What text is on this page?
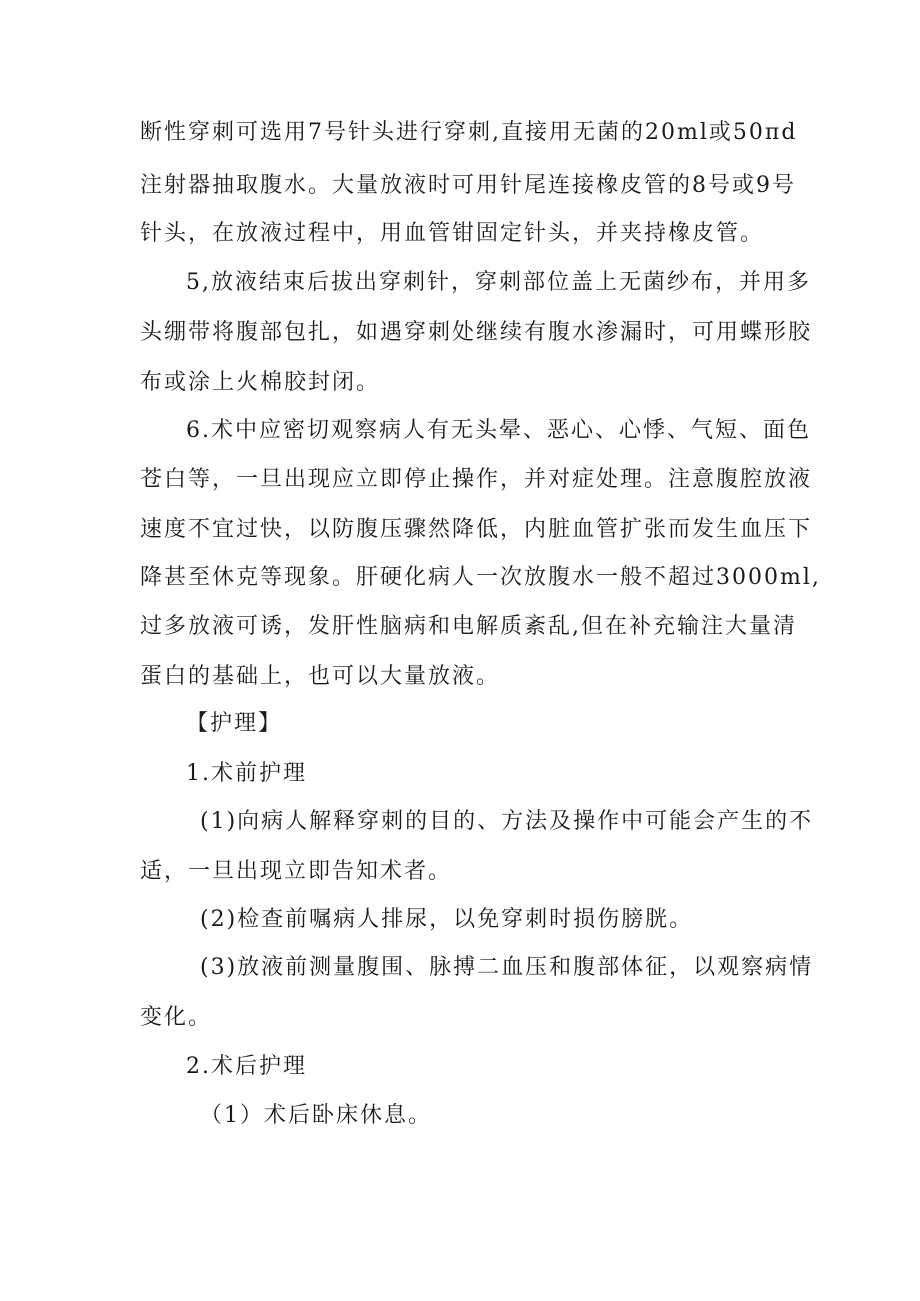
断性穿刺可选用7号针头进行穿刺,直接用无菌的20ml或50πd
注射器抽取腹水。大量放液时可用针尾连接橡皮管的8号或9号
针头，在放液过程中，用血管钳固定针头，并夹持橡皮管。
5,放液结束后拔出穿刺针，穿刺部位盖上无菌纱布，并用多
头绷带将腹部包扎，如遇穿刺处继续有腹水渗漏时，可用蝶形胶
布或涂上火棉胶封闭。
6.术中应密切观察病人有无头晕、恶心、心悸、气短、面色
苍白等，一旦出现应立即停止操作，并对症处理。注意腹腔放液
速度不宜过快，以防腹压骤然降低，内脏血管扩张而发生血压下
降甚至休克等现象。肝硬化病人一次放腹水一般不超过3000ml,
过多放液可诱，发肝性脑病和电解质紊乱,但在补充输注大量清
蛋白的基础上，也可以大量放液。
【护理】
1.术前护理
(1)向病人解释穿刺的目的、方法及操作中可能会产生的不
适，一旦出现立即告知术者。
(2)检查前嘱病人排尿，以免穿刺时损伤膀胱。
(3)放液前测量腹围、脉搏二血压和腹部体征，以观察病情
变化。
2.术后护理
（1）术后卧床休息。
